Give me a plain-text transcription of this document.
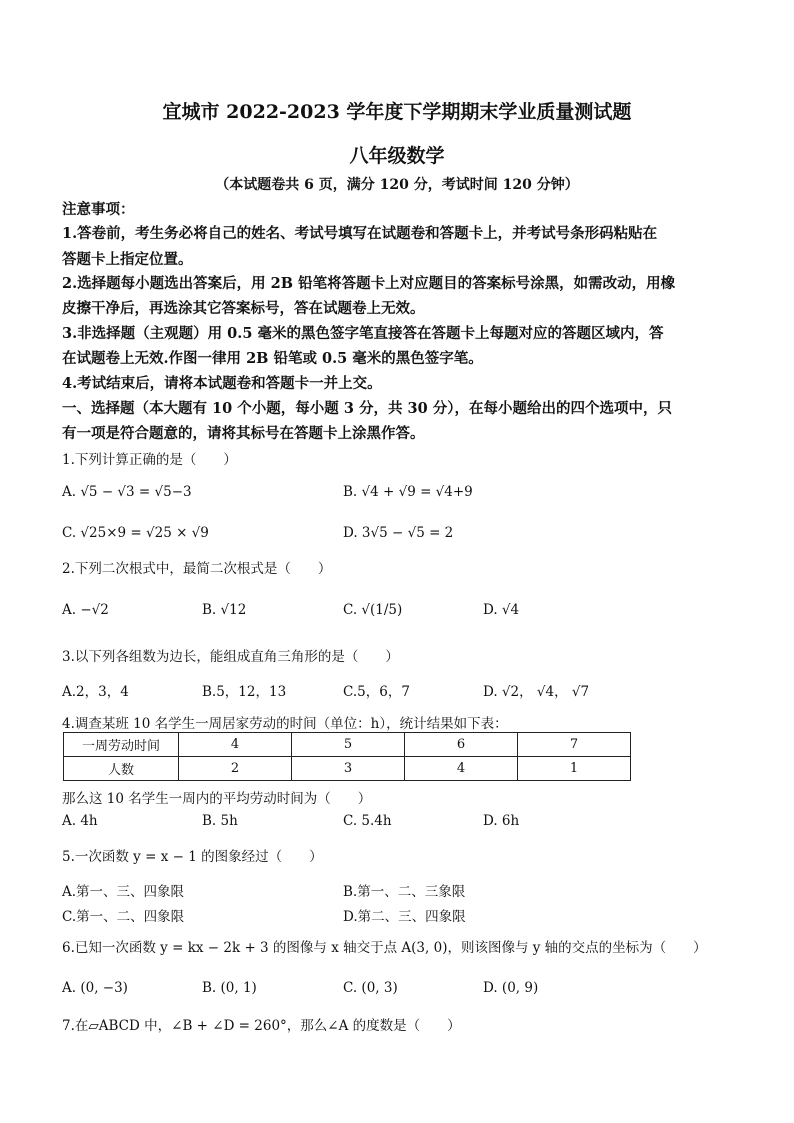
宜城市 2022-2023 学年度下学期期末学业质量测试题
八年级数学
（本试题卷共 6 页，满分 120 分，考试时间 120 分钟）
注意事项：
1.答卷前，考生务必将自己的姓名、考试号填写在试题卷和答题卡上，并考试号条形码粘贴在
答题卡上指定位置。
2.选择题每小题选出答案后，用 2B 铅笔将答题卡上对应题目的答案标号涂黑，如需改动，用橡
皮擦干净后，再选涂其它答案标号，答在试题卷上无效。
3.非选择题（主观题）用 0.5 毫米的黑色签字笔直接答在答题卡上每题对应的答题区域内，答
在试题卷上无效.作图一律用 2B 铅笔或 0.5 毫米的黑色签字笔。
4.考试结束后，请将本试题卷和答题卡一并上交。
一、选择题（本大题有 10 个小题，每小题 3 分，共 30 分），在每小题给出的四个选项中，只
有一项是符合题意的，请将其标号在答题卡上涂黑作答。
1.下列计算正确的是（　　）
A. √5 − √3 = √5−3	B. √4 + √9 = √4+9
C. √25×9 = √25 × √9	D. 3√5 − √5 = 2
2.下列二次根式中，最简二次根式是（　　）
A. −√2	B. √12	C. √(1/5)	D. √4
3.以下列各组数为边长，能组成直角三角形的是（　　）
A.2，3，4	B.5，12，13	C.5，6，7	D. √2， √4， √7
4.调查某班 10 名学生一周居家劳动的时间（单位：h），统计结果如下表：
一周劳动时间	4	5	6	7
人数	2	3	4	1
那么这 10 名学生一周内的平均劳动时间为（　　）
A. 4h	B. 5h	C. 5.4h	D. 6h
5.一次函数 y = x − 1 的图象经过（　　）
A.第一、三、四象限	B.第一、二、三象限
C.第一、二、四象限	D.第二、三、四象限
6.已知一次函数 y = kx − 2k + 3 的图像与 x 轴交于点 A(3, 0)，则该图像与 y 轴的交点的坐标为（　　）
A. (0, −3)	B. (0, 1)	C. (0, 3)	D. (0, 9)
7.在▱ABCD 中，∠B + ∠D = 260°，那么∠A 的度数是（　　）
